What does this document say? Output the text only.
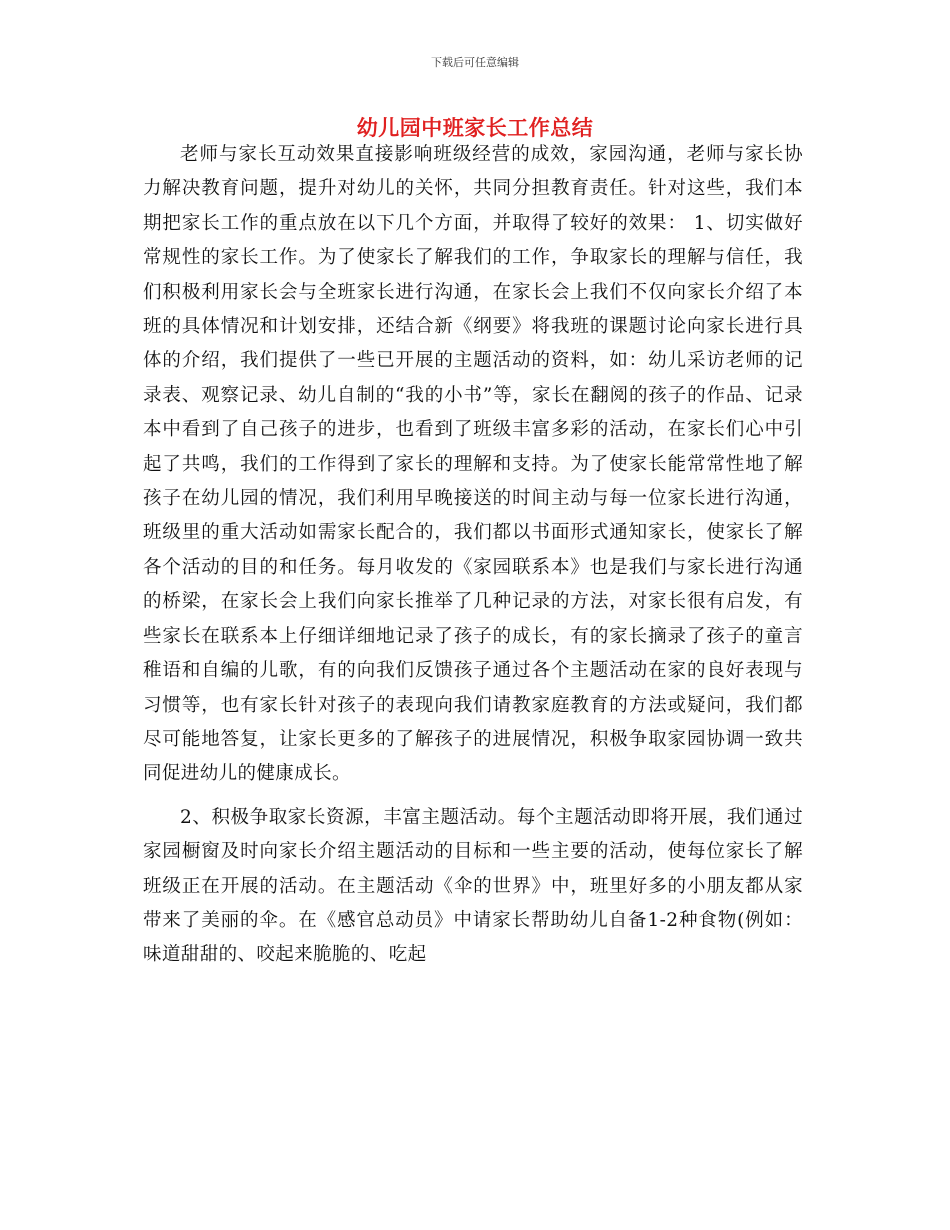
下载后可任意编辑
幼儿园中班家长工作总结

老师与家长互动效果直接影响班级经营的成效，家园沟通，老师与家长协力解决教育问题，提升对幼儿的关怀，共同分担教育责任。针对这些，我们本期把家长工作的重点放在以下几个方面，并取得了较好的效果： 1、切实做好常规性的家长工作。为了使家长了解我们的工作，争取家长的理解与信任，我们积极利用家长会与全班家长进行沟通，在家长会上我们不仅向家长介绍了本班的具体情况和计划安排，还结合新《纲要》将我班的课题讨论向家长进行具体的介绍，我们提供了一些已开展的主题活动的资料，如：幼儿采访老师的记录表、观察记录、幼儿自制的“我的小书”等，家长在翻阅的孩子的作品、记录本中看到了自己孩子的进步，也看到了班级丰富多彩的活动，在家长们心中引起了共鸣，我们的工作得到了家长的理解和支持。为了使家长能常常性地了解孩子在幼儿园的情况，我们利用早晚接送的时间主动与每一位家长进行沟通，班级里的重大活动如需家长配合的，我们都以书面形式通知家长，使家长了解各个活动的目的和任务。每月收发的《家园联系本》也是我们与家长进行沟通的桥梁，在家长会上我们向家长推举了几种记录的方法，对家长很有启发，有些家长在联系本上仔细详细地记录了孩子的成长，有的家长摘录了孩子的童言稚语和自编的儿歌，有的向我们反馈孩子通过各个主题活动在家的良好表现与习惯等，也有家长针对孩子的表现向我们请教家庭教育的方法或疑问，我们都尽可能地答复，让家长更多的了解孩子的进展情况，积极争取家园协调一致共同促进幼儿的健康成长。

2、积极争取家长资源，丰富主题活动。每个主题活动即将开展，我们通过家园橱窗及时向家长介绍主题活动的目标和一些主要的活动，使每位家长了解班级正在开展的活动。在主题活动《伞的世界》中，班里好多的小朋友都从家带来了美丽的伞。在《感官总动员》中请家长帮助幼儿自备1-2种食物(例如：味道甜甜的、咬起来脆脆的、吃起
